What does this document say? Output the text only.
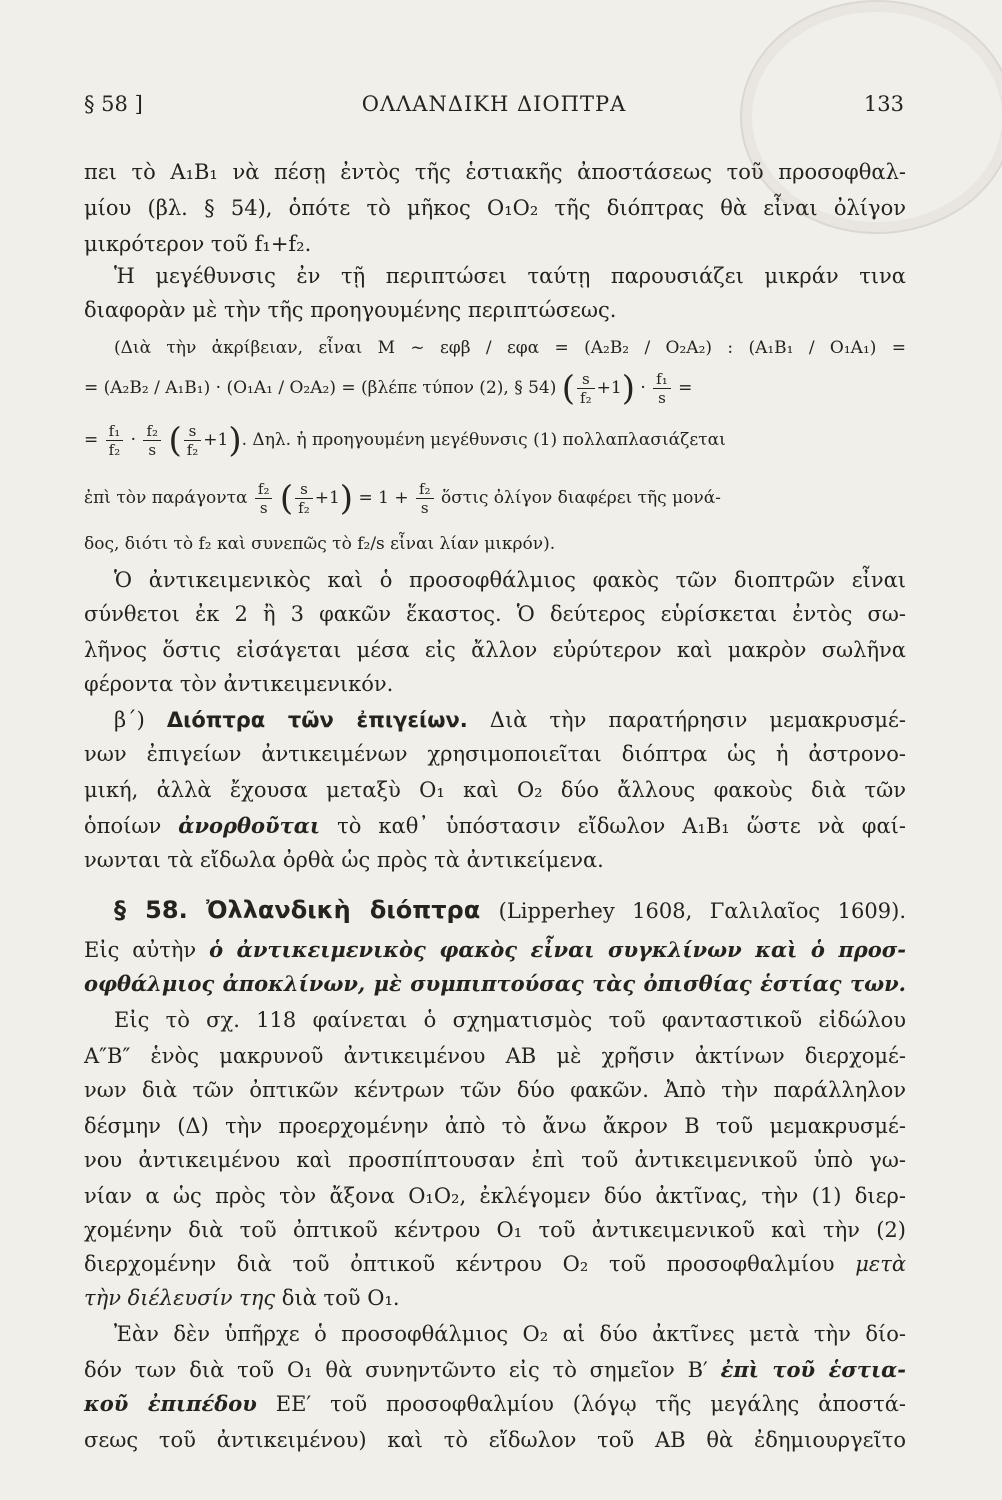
§ 58 ]	ΟΛΛΑΝΔΙΚΗ ΔΙΟΠΤΡΑ	133
πει τὸ A₁B₁ νὰ πέσῃ ἐντὸς τῆς ἑστιακῆς ἀποστάσεως τοῦ προσοφθαλ-
μίου (βλ. § 54), ὁπότε τὸ μῆκος O₁O₂ τῆς διόπτρας θὰ εἶναι ὀλίγον
μικρότερον τοῦ f₁+f₂.
Ἡ μεγέθυνσις ἐν τῇ περιπτώσει ταύτῃ παρουσιάζει μικράν τινα
διαφορὰν μὲ τὴν τῆς προηγουμένης περιπτώσεως.
(Διὰ τὴν ἀκρίβειαν, εἶναι M ~ εφβ / εφα = (A₂B₂ / O₂A₂) : (A₁B₁ / O₁A₁) =
= (A₂B₂ / A₁B₁) · (O₁A₁ / O₂A₂) = (βλέπε τύπον (2), § 54) ( $\frac{s}{\text{f₂}} +1) \cdot \frac{\text{f₁}}{s}$ =
= $\frac{\text{f₁}}{\text{f₂}} \cdot \frac{\text{f₂}}{s}$ ( $\frac{s}{\text{f₂}} +1$). Δηλ. ἡ προηγουμένη μεγέθυνσις (1) πολλαπλασιάζεται
ἐπὶ τὸν παράγοντα $\frac{\text{f₂}}{s}$ ( $\frac{s}{\text{f₂}} +1) = 1 + \frac{\text{f₂}}{s}$ ὅστις ὀλίγον διαφέρει τῆς μονά-
δος, διότι τὸ f₂ καὶ συνεπῶς τὸ f₂/s εἶναι λίαν μικρόν).
Ὁ ἀντικειμενικὸς καὶ ὁ προσοφθάλμιος φακὸς τῶν διοπτρῶν εἶναι
σύνθετοι ἐκ 2 ἢ 3 φακῶν ἕκαστος. Ὁ δεύτερος εὑρίσκεται ἐντὸς σω-
λῆνος ὅστις εἰσάγεται μέσα εἰς ἄλλον εὐρύτερον καὶ μακρὸν σωλῆνα
φέροντα τὸν ἀντικειμενικόν.
β΄) Διόπτρα τῶν ἐπιγείων. Διὰ τὴν παρατήρησιν μεμακρυσμέ-
νων ἐπιγείων ἀντικειμένων χρησιμοποιεῖται διόπτρα ὡς ἡ ἀστρονο-
μική, ἀλλὰ ἔχουσα μεταξὺ O₁ καὶ O₂ δύο ἄλλους φακοὺς διὰ τῶν
ὁποίων ἀνορθοῦται τὸ καθ᾽ ὑπόστασιν εἴδωλον A₁B₁ ὥστε νὰ φαί-
νωνται τὰ εἴδωλα ὀρθὰ ὡς πρὸς τὰ ἀντικείμενα.
§ 58. Ὀλλανδικὴ διόπτρα (Lipperhey 1608, Γαλιλαῖος 1609).
Εἰς αὐτὴν ὁ ἀντικειμενικὸς φακὸς εἶναι συγκλίνων καὶ ὁ προσ-
οφθάλμιος ἀποκλίνων, μὲ συμπιπτούσας τὰς ὀπισθίας ἑστίας των.
Εἰς τὸ σχ. 118 φαίνεται ὁ σχηματισμὸς τοῦ φανταστικοῦ εἰδώλου
A″B″ ἑνὸς μακρυνοῦ ἀντικειμένου AB μὲ χρῆσιν ἀκτίνων διερχομέ-
νων διὰ τῶν ὀπτικῶν κέντρων τῶν δύο φακῶν. Ἀπὸ τὴν παράλληλον
δέσμην (Δ) τὴν προερχομένην ἀπὸ τὸ ἄνω ἄκρον B τοῦ μεμακρυσμέ-
νου ἀντικειμένου καὶ προσπίπτουσαν ἐπὶ τοῦ ἀντικειμενικοῦ ὑπὸ γω-
νίαν α ὡς πρὸς τὸν ἄξονα O₁O₂, ἐκλέγομεν δύο ἀκτῖνας, τὴν (1) διερ-
χομένην διὰ τοῦ ὀπτικοῦ κέντρου O₁ τοῦ ἀντικειμενικοῦ καὶ τὴν (2)
διερχομένην διὰ τοῦ ὀπτικοῦ κέντρου O₂ τοῦ προσοφθαλμίου μετὰ
τὴν διέλευσίν της διὰ τοῦ O₁.
Ἐὰν δὲν ὑπῆρχε ὁ προσοφθάλμιος O₂ αἱ δύο ἀκτῖνες μετὰ τὴν δίο-
δόν των διὰ τοῦ O₁ θὰ συνηντῶντο εἰς τὸ σημεῖον B′ ἐπὶ τοῦ ἑστια-
κοῦ ἐπιπέδου EE′ τοῦ προσοφθαλμίου (λόγῳ τῆς μεγάλης ἀποστά-
σεως τοῦ ἀντικειμένου) καὶ τὸ εἴδωλον τοῦ AB θὰ ἐδημιουργεῖτο
